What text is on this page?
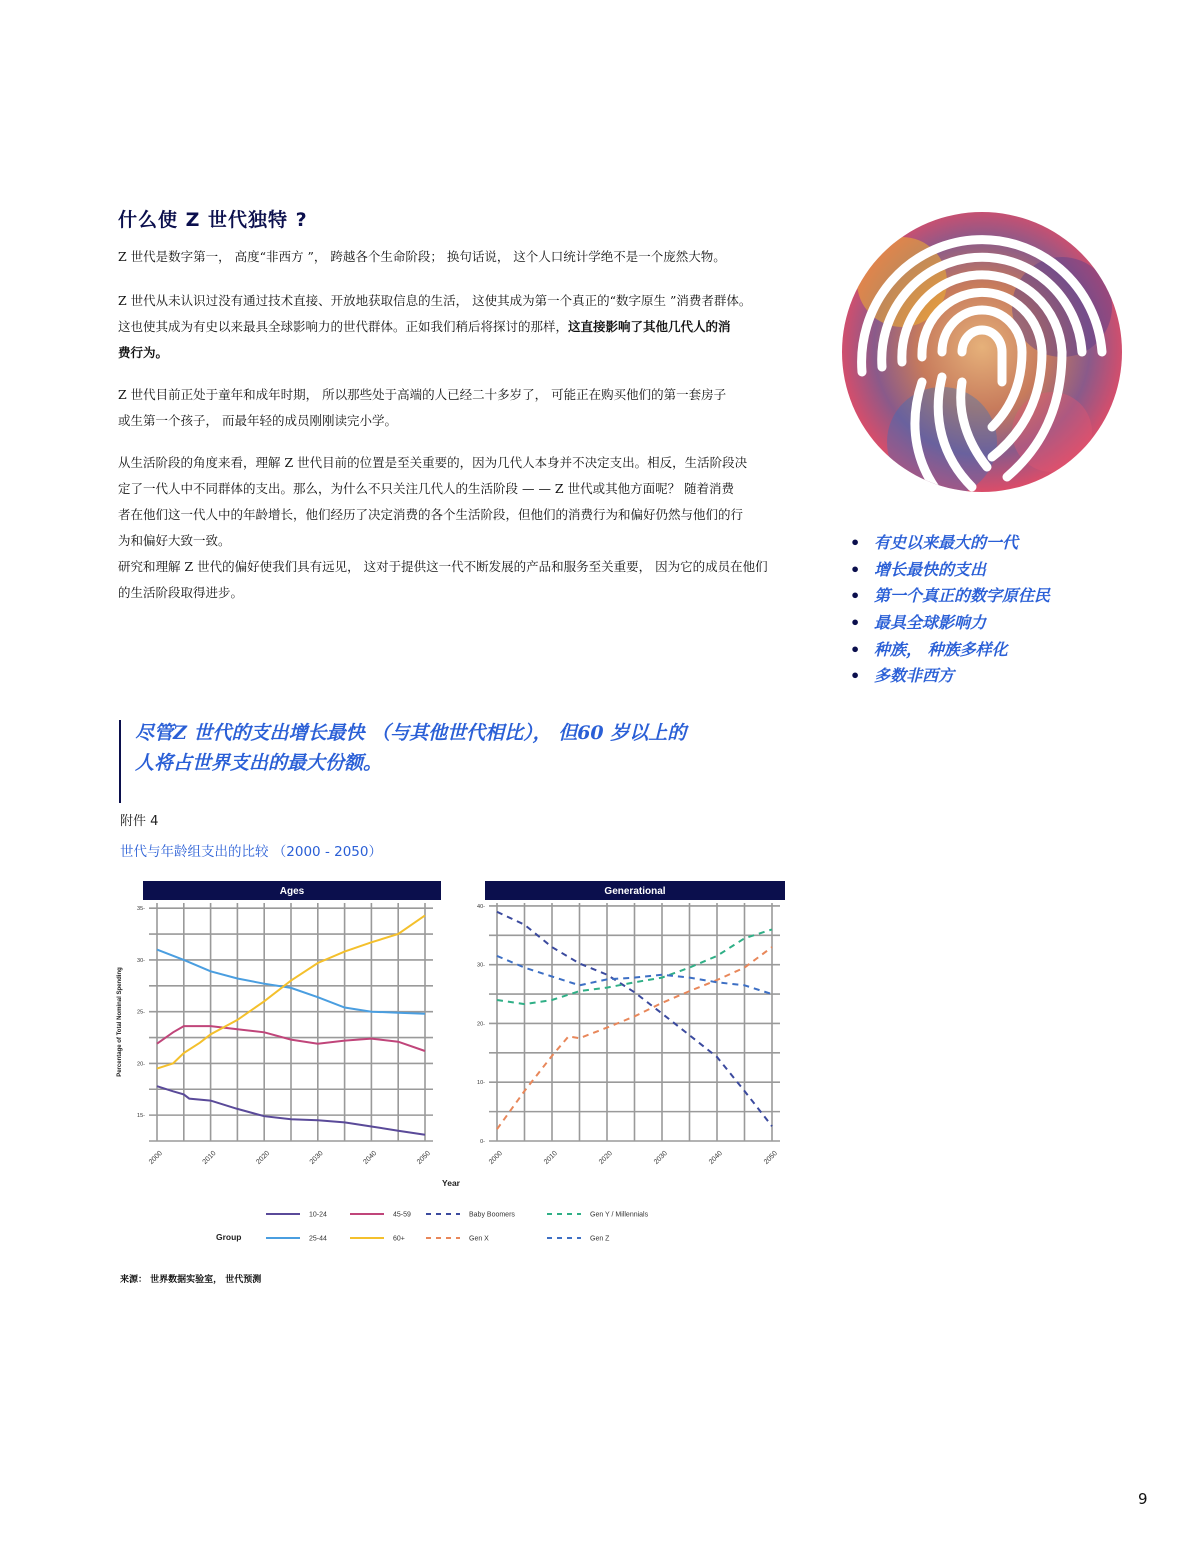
什么使 Z 世代独特 ?
Z 世代是数字第一， 高度“非西方 ”， 跨越各个生命阶段； 换句话说， 这个人口统计学绝不是一个庞然大物。
Z 世代从未认识过没有通过技术直接、开放地获取信息的生活， 这使其成为第一个真正的“数字原生 ”消费者群体。
这也使其成为有史以来最具全球影响力的世代群体。正如我们稍后将探讨的那样，这直接影响了其他几代人的消
费行为。
Z 世代目前正处于童年和成年时期， 所以那些处于高端的人已经二十多岁了， 可能正在购买他们的第一套房子
或生第一个孩子， 而最年轻的成员刚刚读完小学。
从生活阶段的角度来看，理解 Z 世代目前的位置是至关重要的，因为几代人本身并不决定支出。相反，生活阶段决
定了一代人中不同群体的支出。那么，为什么不只关注几代人的生活阶段 — — Z 世代或其他方面呢？ 随着消费
者在他们这一代人中的年龄增长，他们经历了决定消费的各个生活阶段，但他们的消费行为和偏好仍然与他们的行
为和偏好大致一致。
研究和理解 Z 世代的偏好使我们具有远见， 这对于提供这一代不断发展的产品和服务至关重要， 因为它的成员在他们
的生活阶段取得进步。
• 有史以来最大的一代
• 增长最快的支出
• 第一个真正的数字原住民
• 最具全球影响力
• 种族， 种族多样化
• 多数非西方

尽管Z 世代的支出增长最快 （与其他世代相比）， 但60 岁以上的
人将占世界支出的最大份额。

附件 4
世代与年龄组支出的比较 （2000 - 2050）
Ages
15-
20-
25-
30-
35-
2000	2010	2020	2030	2040	2050
Percentage of Total Nominal Spending
Year
Generational
0-
10-
20-
30-
40-
2000	2010	2020	2030	2040	2050
Group
10-24	45-59	Baby Boomers	Gen Y / Millennials
25-44	60+	Gen X	Gen Z
来源： 世界数据实验室， 世代预测
9
